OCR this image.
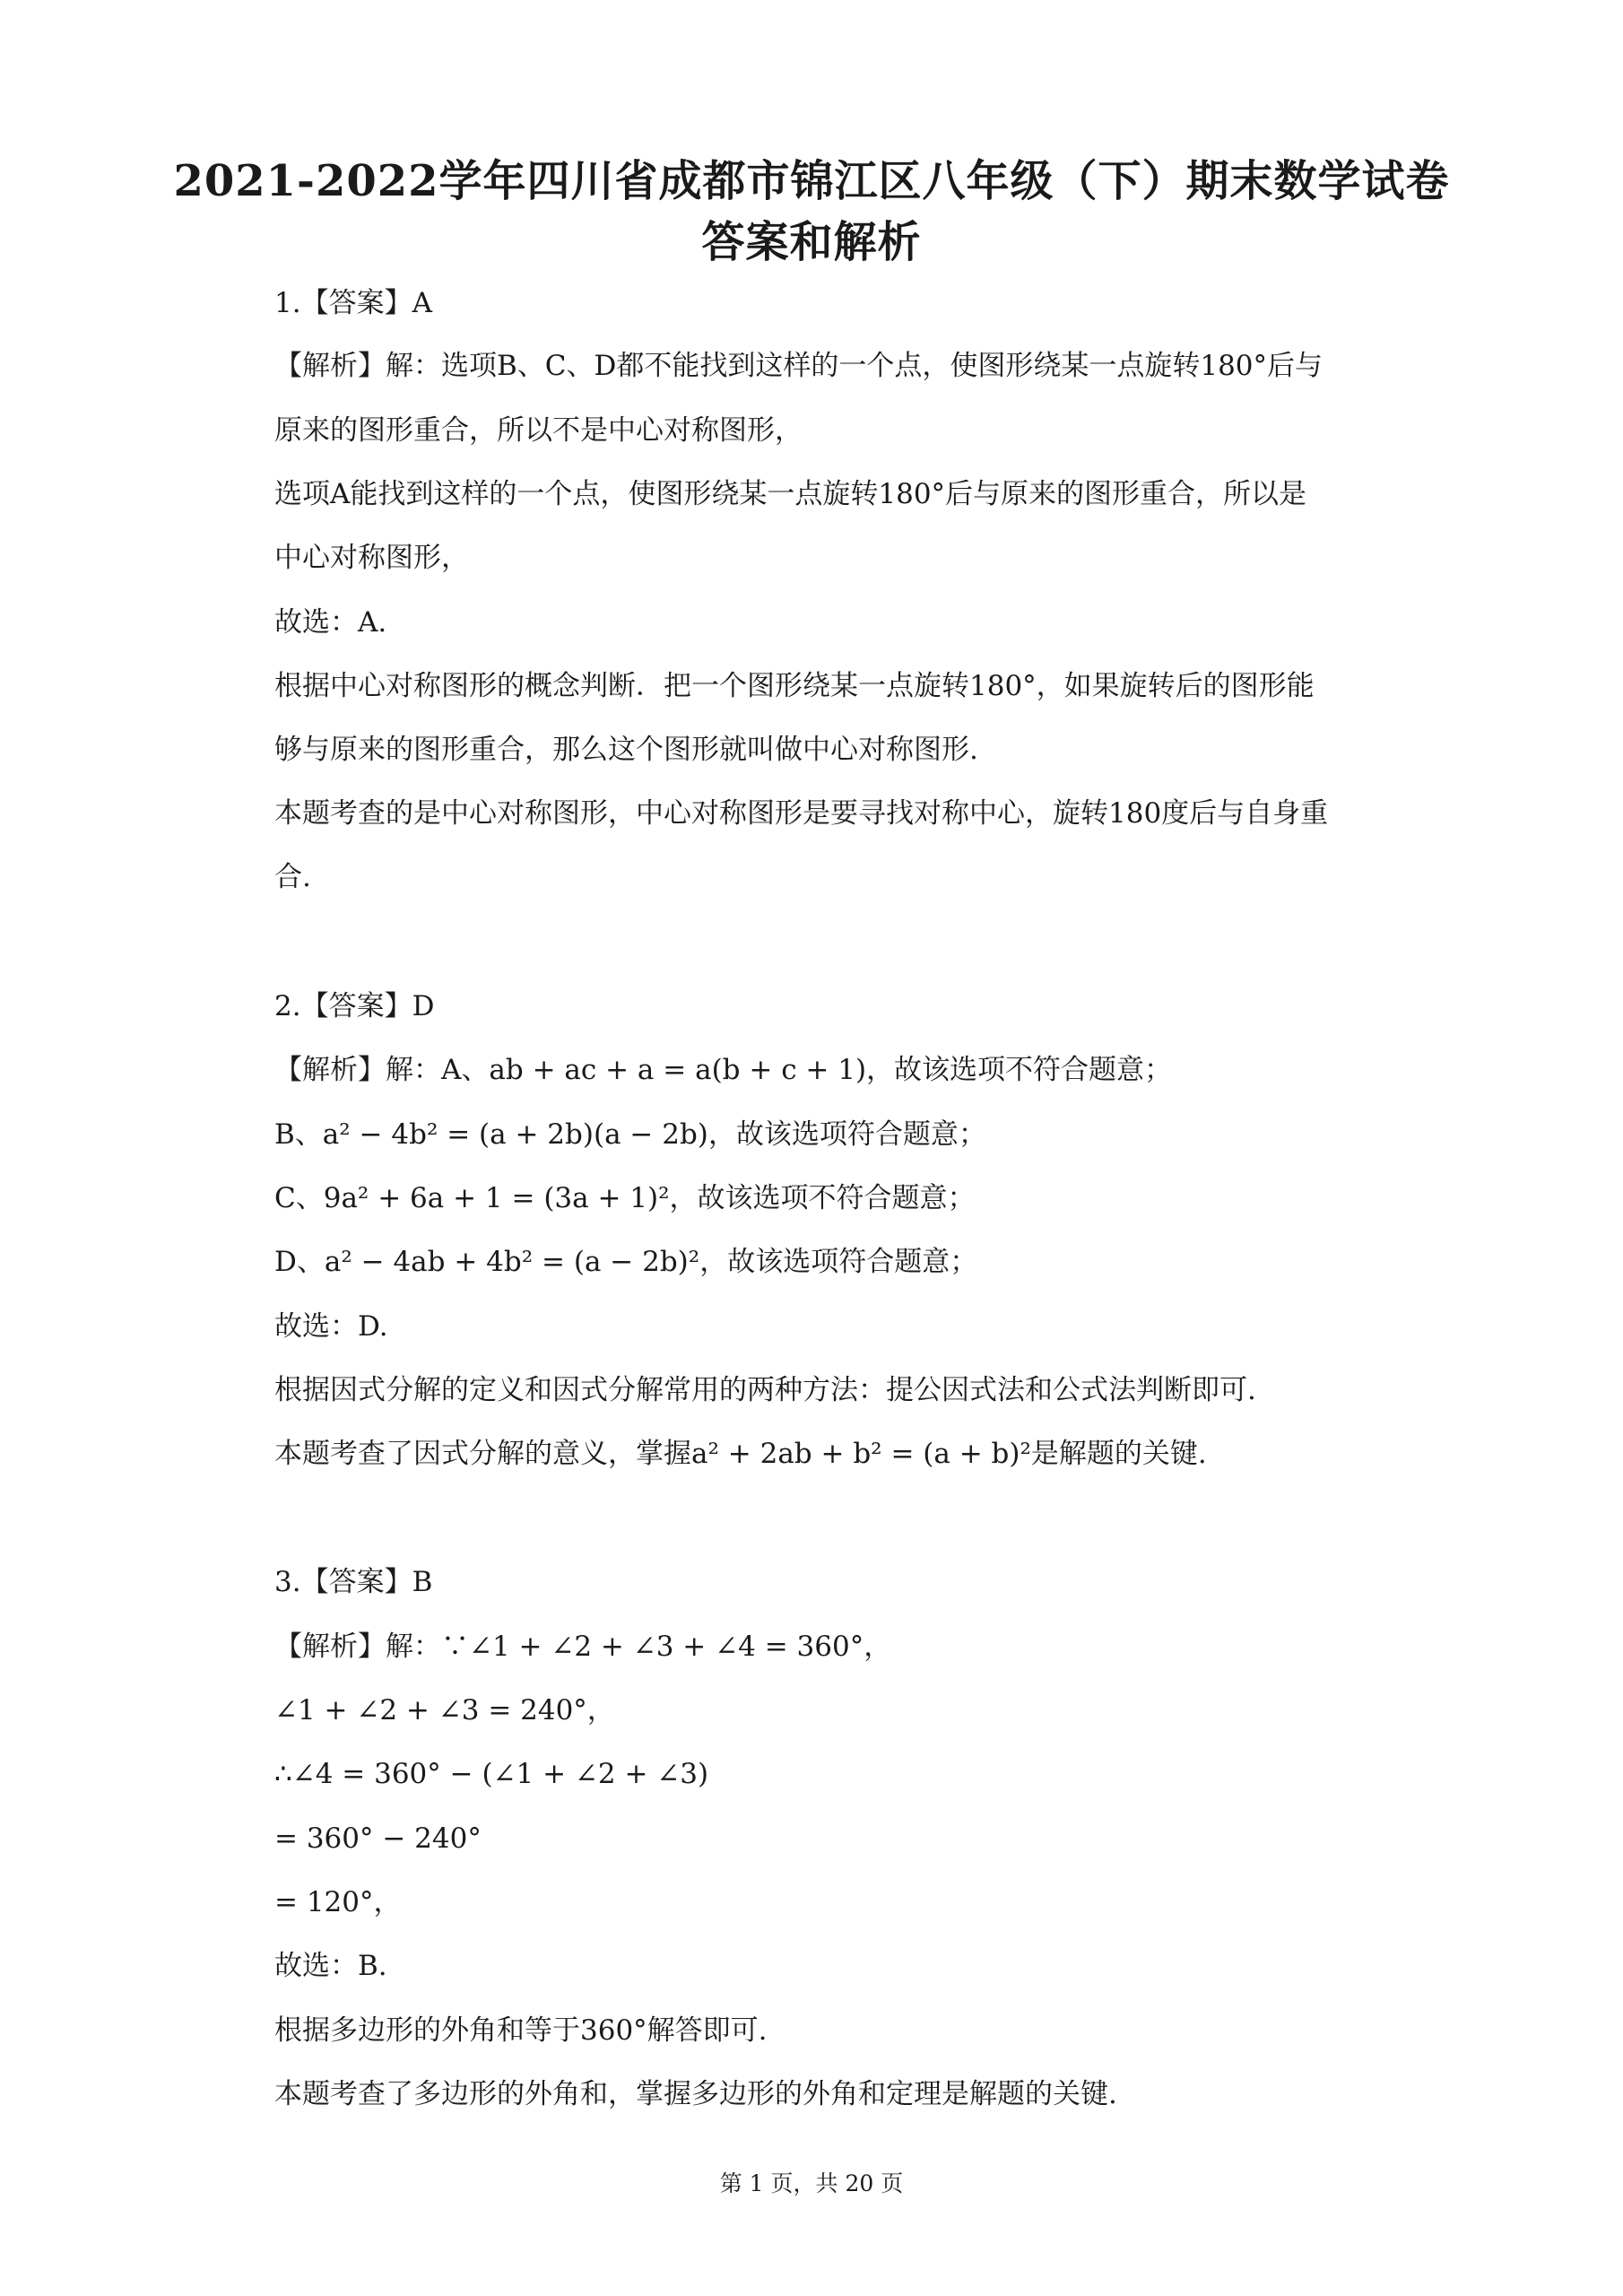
2021-2022学年四川省成都市锦江区八年级（下）期末数学试卷
答案和解析
1.【答案】A
【解析】解：选项B、C、D都不能找到这样的一个点，使图形绕某一点旋转180°后与
原来的图形重合，所以不是中心对称图形，
选项A能找到这样的一个点，使图形绕某一点旋转180°后与原来的图形重合，所以是
中心对称图形，
故选：A.
根据中心对称图形的概念判断．把一个图形绕某一点旋转180°，如果旋转后的图形能
够与原来的图形重合，那么这个图形就叫做中心对称图形.
本题考查的是中心对称图形，中心对称图形是要寻找对称中心，旋转180度后与自身重
合.
2.【答案】D
【解析】解：A、ab + ac + a = a(b + c + 1)，故该选项不符合题意；
B、a² − 4b² = (a + 2b)(a − 2b)，故该选项符合题意；
C、9a² + 6a + 1 = (3a + 1)²，故该选项不符合题意；
D、a² − 4ab + 4b² = (a − 2b)²，故该选项符合题意；
故选：D.
根据因式分解的定义和因式分解常用的两种方法：提公因式法和公式法判断即可.
本题考查了因式分解的意义，掌握a² + 2ab + b² = (a + b)²是解题的关键.
3.【答案】B
【解析】解：∵∠1 + ∠2 + ∠3 + ∠4 = 360°，
∠1 + ∠2 + ∠3 = 240°，
∴∠4 = 360° − (∠1 + ∠2 + ∠3)
= 360° − 240°
= 120°，
故选：B.
根据多边形的外角和等于360°解答即可.
本题考查了多边形的外角和，掌握多边形的外角和定理是解题的关键.
第 1 页，共 20 页
